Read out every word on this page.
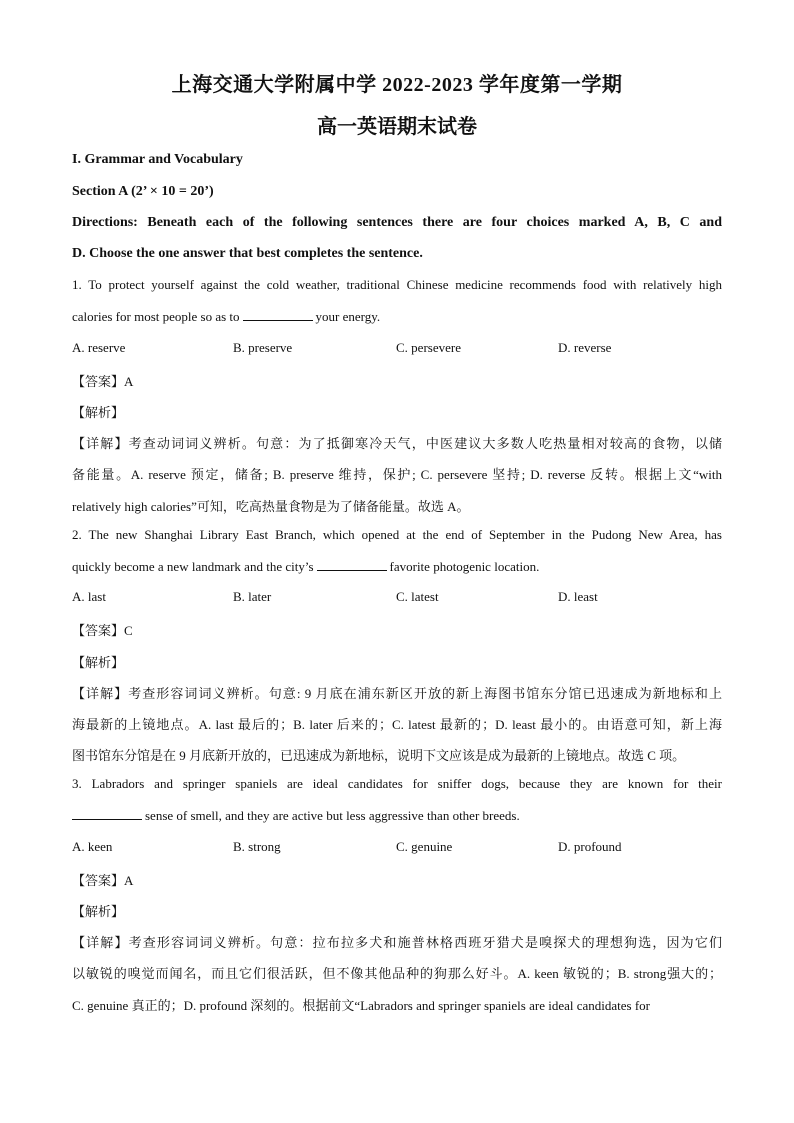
上海交通大学附属中学 2022-2023 学年度第一学期
高一英语期末试卷
I. Grammar and Vocabulary
Section A (2’ × 10 = 20’)
Directions: Beneath each of the following sentences there are four choices marked A, B, C and
D. Choose the one answer that best completes the sentence.
1. To protect yourself against the cold weather, traditional Chinese medicine recommends food with relatively high
calories for most people so as to	your energy.
A. reserve	B. preserve	C. persevere	D. reverse
【答案】A
【解析】
【详解】考查动词词义辨析。句意：为了抵御寒冷天气，中医建议大多数人吃热量相对较高的食物，以储
备能量。A. reserve 预定，储备; B. preserve 维持，保护; C. persevere 坚持; D. reverse 反转。根据上文“with
relatively high calories”可知，吃高热量食物是为了储备能量。故选 A。
2. The new Shanghai Library East Branch, which opened at the end of September in the Pudong New Area, has
quickly become a new landmark and the city’s	favorite photogenic location.
A. last	B. later	C. latest	D. least
【答案】C
【解析】
【详解】考查形容词词义辨析。句意: 9 月底在浦东新区开放的新上海图书馆东分馆已迅速成为新地标和上
海最新的上镜地点。A. last 最后的；B. later 后来的；C. latest 最新的；D. least 最小的。由语意可知，新上海
图书馆东分馆是在 9 月底新开放的，已迅速成为新地标，说明下文应该是成为最新的上镜地点。故选 C 项。
3. Labradors and springer spaniels are ideal candidates for sniffer dogs, because they are known for their
sense of smell, and they are active but less aggressive than other breeds.
A. keen	B. strong	C. genuine	D. profound
【答案】A
【解析】
【详解】考查形容词词义辨析。句意：拉布拉多犬和施普林格西班牙猎犬是嗅探犬的理想狗选，因为它们
以敏锐的嗅觉而闻名，而且它们很活跃，但不像其他品种的狗那么好斗。A. keen 敏锐的；B. strong强大的；
C. genuine 真正的；D. profound 深刻的。根据前文“Labradors and springer spaniels are ideal candidates for
